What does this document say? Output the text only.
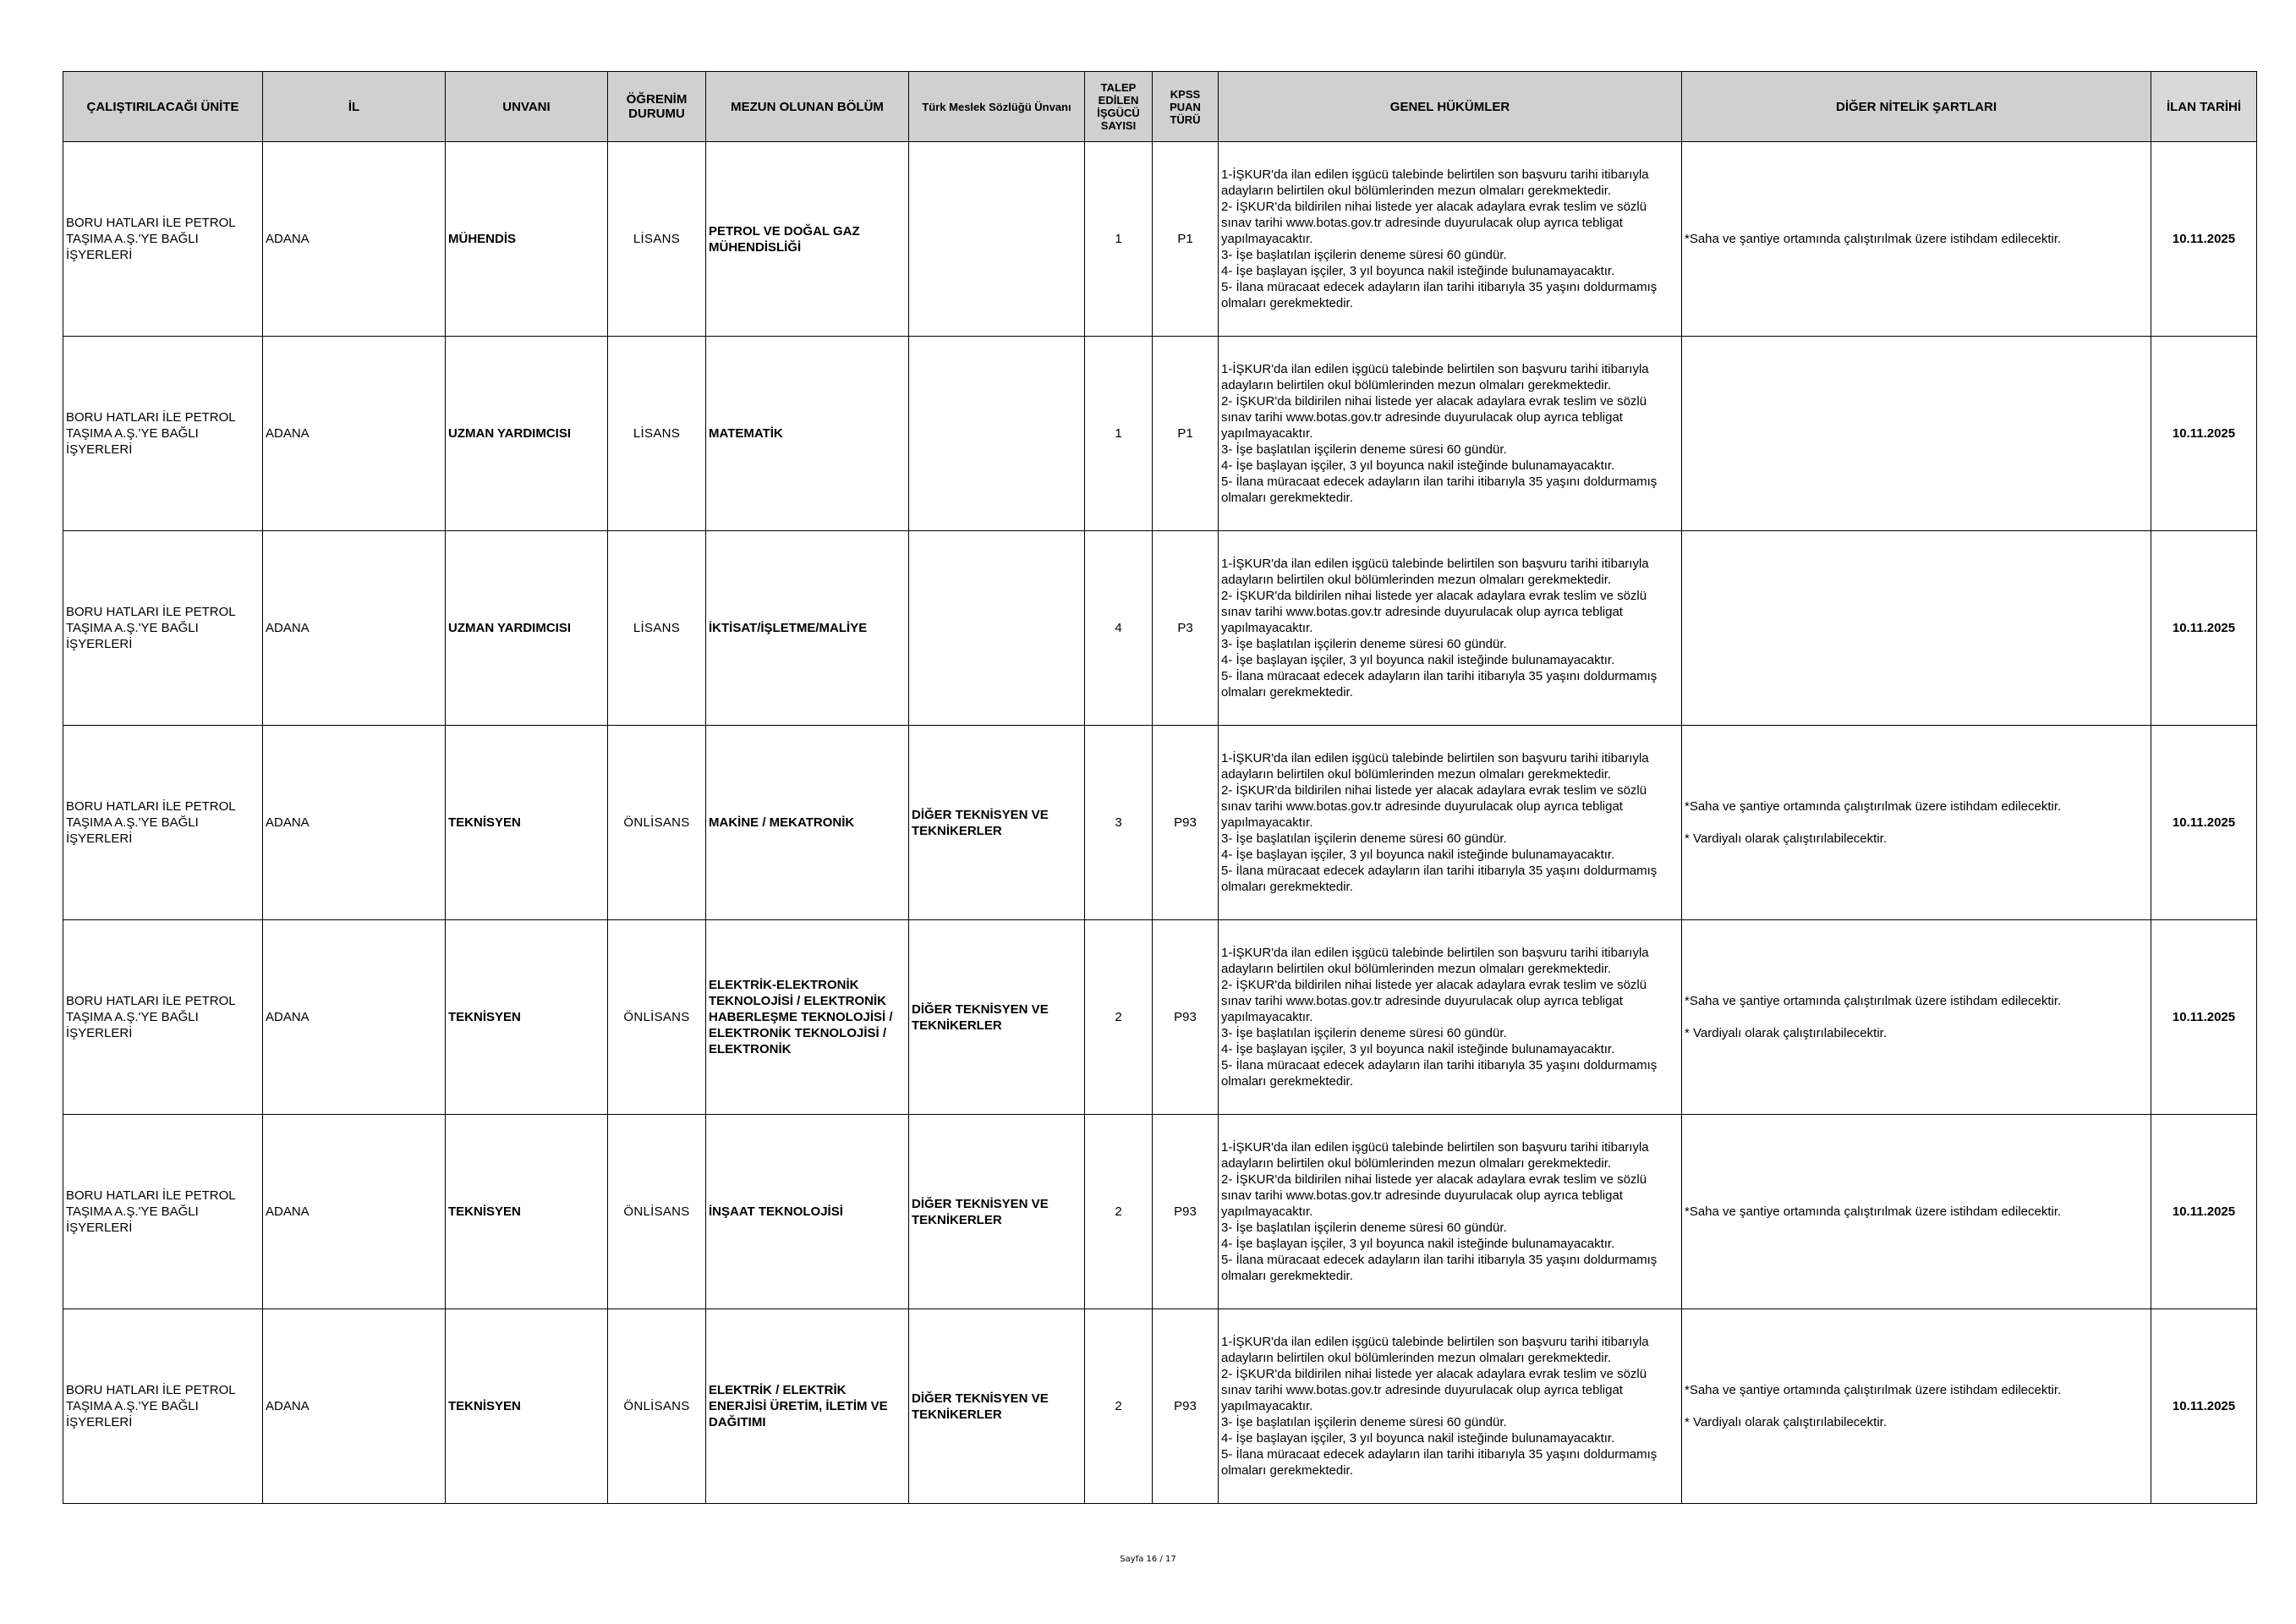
ÇALIŞTIRILACAĞI ÜNİTE	İL	UNVANI	ÖĞRENİM DURUMU	MEZUN OLUNAN BÖLÜM	Türk Meslek Sözlüğü Ünvanı	TALEP EDİLEN İŞGÜCÜ SAYISI	KPSS PUAN TÜRÜ	GENEL HÜKÜMLER	DİĞER NİTELİK ŞARTLARI	İLAN TARİHİ
BORU HATLARI İLE PETROL TAŞIMA A.Ş.'YE BAĞLI İŞYERLERİ	ADANA	MÜHENDİS	LİSANS	PETROL VE DOĞAL GAZ MÜHENDİSLİĞİ		1	P1	1-İŞKUR'da ilan edilen işgücü talebinde belirtilen son başvuru tarihi itibarıyla adayların belirtilen okul bölümlerinden mezun olmaları gerekmektedir.
2- İŞKUR'da bildirilen nihai listede yer alacak adaylara evrak teslim ve sözlü sınav tarihi www.botas.gov.tr adresinde duyurulacak olup ayrıca tebligat yapılmayacaktır.
3- İşe başlatılan işçilerin deneme süresi 60 gündür.
4- İşe başlayan işçiler, 3 yıl boyunca nakil isteğinde bulunamayacaktır.
5- İlana müracaat edecek adayların ilan tarihi itibarıyla 35 yaşını doldurmamış olmaları gerekmektedir.	*Saha ve şantiye ortamında çalıştırılmak üzere istihdam edilecektir.	10.11.2025
BORU HATLARI İLE PETROL TAŞIMA A.Ş.'YE BAĞLI İŞYERLERİ	ADANA	UZMAN YARDIMCISI	LİSANS	MATEMATİK		1	P1	1-İŞKUR'da ilan edilen işgücü talebinde belirtilen son başvuru tarihi itibarıyla adayların belirtilen okul bölümlerinden mezun olmaları gerekmektedir.
2- İŞKUR'da bildirilen nihai listede yer alacak adaylara evrak teslim ve sözlü sınav tarihi www.botas.gov.tr adresinde duyurulacak olup ayrıca tebligat yapılmayacaktır.
3- İşe başlatılan işçilerin deneme süresi 60 gündür.
4- İşe başlayan işçiler, 3 yıl boyunca nakil isteğinde bulunamayacaktır.
5- İlana müracaat edecek adayların ilan tarihi itibarıyla 35 yaşını doldurmamış olmaları gerekmektedir.		10.11.2025
BORU HATLARI İLE PETROL TAŞIMA A.Ş.'YE BAĞLI İŞYERLERİ	ADANA	UZMAN YARDIMCISI	LİSANS	İKTİSAT/İŞLETME/MALİYE		4	P3	1-İŞKUR'da ilan edilen işgücü talebinde belirtilen son başvuru tarihi itibarıyla adayların belirtilen okul bölümlerinden mezun olmaları gerekmektedir.
2- İŞKUR'da bildirilen nihai listede yer alacak adaylara evrak teslim ve sözlü sınav tarihi www.botas.gov.tr adresinde duyurulacak olup ayrıca tebligat yapılmayacaktır.
3- İşe başlatılan işçilerin deneme süresi 60 gündür.
4- İşe başlayan işçiler, 3 yıl boyunca nakil isteğinde bulunamayacaktır.
5- İlana müracaat edecek adayların ilan tarihi itibarıyla 35 yaşını doldurmamış olmaları gerekmektedir.		10.11.2025
BORU HATLARI İLE PETROL TAŞIMA A.Ş.'YE BAĞLI İŞYERLERİ	ADANA	TEKNİSYEN	ÖNLİSANS	MAKİNE / MEKATRONİK	DİĞER TEKNİSYEN VE TEKNİKERLER	3	P93	1-İŞKUR'da ilan edilen işgücü talebinde belirtilen son başvuru tarihi itibarıyla adayların belirtilen okul bölümlerinden mezun olmaları gerekmektedir.
2- İŞKUR'da bildirilen nihai listede yer alacak adaylara evrak teslim ve sözlü sınav tarihi www.botas.gov.tr adresinde duyurulacak olup ayrıca tebligat yapılmayacaktır.
3- İşe başlatılan işçilerin deneme süresi 60 gündür.
4- İşe başlayan işçiler, 3 yıl boyunca nakil isteğinde bulunamayacaktır.
5- İlana müracaat edecek adayların ilan tarihi itibarıyla 35 yaşını doldurmamış olmaları gerekmektedir.	*Saha ve şantiye ortamında çalıştırılmak üzere istihdam edilecektir.
* Vardiyalı olarak çalıştırılabilecektir.	10.11.2025
BORU HATLARI İLE PETROL TAŞIMA A.Ş.'YE BAĞLI İŞYERLERİ	ADANA	TEKNİSYEN	ÖNLİSANS	ELEKTRİK-ELEKTRONİK TEKNOLOJİSİ / ELEKTRONİK HABERLEŞME TEKNOLOJİSİ / ELEKTRONİK TEKNOLOJİSİ / ELEKTRONİK	DİĞER TEKNİSYEN VE TEKNİKERLER	2	P93	1-İŞKUR'da ilan edilen işgücü talebinde belirtilen son başvuru tarihi itibarıyla adayların belirtilen okul bölümlerinden mezun olmaları gerekmektedir.
2- İŞKUR'da bildirilen nihai listede yer alacak adaylara evrak teslim ve sözlü sınav tarihi www.botas.gov.tr adresinde duyurulacak olup ayrıca tebligat yapılmayacaktır.
3- İşe başlatılan işçilerin deneme süresi 60 gündür.
4- İşe başlayan işçiler, 3 yıl boyunca nakil isteğinde bulunamayacaktır.
5- İlana müracaat edecek adayların ilan tarihi itibarıyla 35 yaşını doldurmamış olmaları gerekmektedir.	*Saha ve şantiye ortamında çalıştırılmak üzere istihdam edilecektir.
* Vardiyalı olarak çalıştırılabilecektir.	10.11.2025
BORU HATLARI İLE PETROL TAŞIMA A.Ş.'YE BAĞLI İŞYERLERİ	ADANA	TEKNİSYEN	ÖNLİSANS	İNŞAAT TEKNOLOJİSİ	DİĞER TEKNİSYEN VE TEKNİKERLER	2	P93	1-İŞKUR'da ilan edilen işgücü talebinde belirtilen son başvuru tarihi itibarıyla adayların belirtilen okul bölümlerinden mezun olmaları gerekmektedir.
2- İŞKUR'da bildirilen nihai listede yer alacak adaylara evrak teslim ve sözlü sınav tarihi www.botas.gov.tr adresinde duyurulacak olup ayrıca tebligat yapılmayacaktır.
3- İşe başlatılan işçilerin deneme süresi 60 gündür.
4- İşe başlayan işçiler, 3 yıl boyunca nakil isteğinde bulunamayacaktır.
5- İlana müracaat edecek adayların ilan tarihi itibarıyla 35 yaşını doldurmamış olmaları gerekmektedir.	*Saha ve şantiye ortamında çalıştırılmak üzere istihdam edilecektir.	10.11.2025
BORU HATLARI İLE PETROL TAŞIMA A.Ş.'YE BAĞLI İŞYERLERİ	ADANA	TEKNİSYEN	ÖNLİSANS	ELEKTRİK / ELEKTRİK ENERJİSİ ÜRETİM, İLETİM VE DAĞITIMI	DİĞER TEKNİSYEN VE TEKNİKERLER	2	P93	1-İŞKUR'da ilan edilen işgücü talebinde belirtilen son başvuru tarihi itibarıyla adayların belirtilen okul bölümlerinden mezun olmaları gerekmektedir.
2- İŞKUR'da bildirilen nihai listede yer alacak adaylara evrak teslim ve sözlü sınav tarihi www.botas.gov.tr adresinde duyurulacak olup ayrıca tebligat yapılmayacaktır.
3- İşe başlatılan işçilerin deneme süresi 60 gündür.
4- İşe başlayan işçiler, 3 yıl boyunca nakil isteğinde bulunamayacaktır.
5- İlana müracaat edecek adayların ilan tarihi itibarıyla 35 yaşını doldurmamış olmaları gerekmektedir.	*Saha ve şantiye ortamında çalıştırılmak üzere istihdam edilecektir.
* Vardiyalı olarak çalıştırılabilecektir.	10.11.2025
Sayfa 16 / 17
